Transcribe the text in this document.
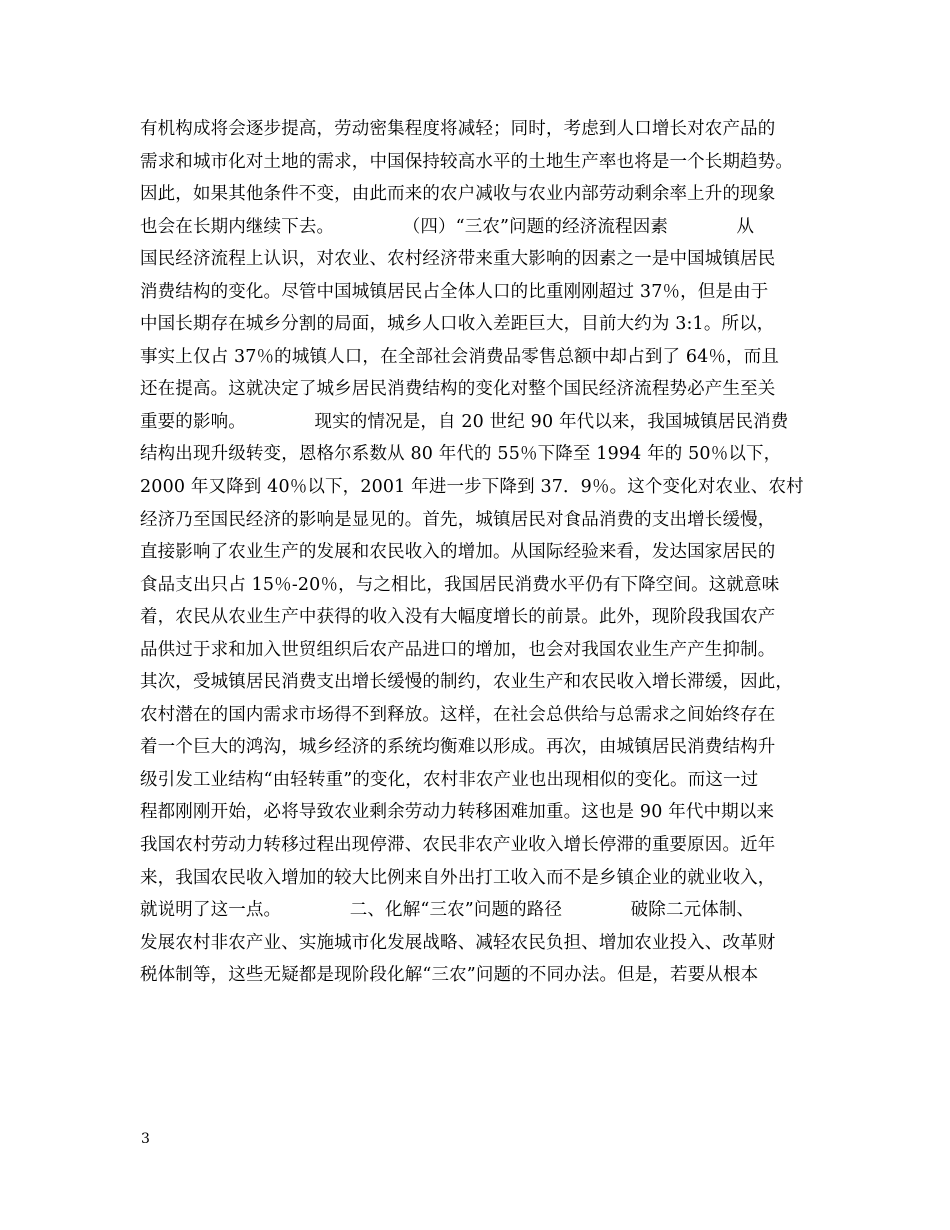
有机构成将会逐步提高，劳动密集程度将减轻；同时，考虑到人口增长对农产品的
需求和城市化对土地的需求，中国保持较高水平的土地生产率也将是一个长期趋势。
因此，如果其他条件不变，由此而来的农户减收与农业内部劳动剩余率上升的现象
也会在长期内继续下去。            （四）“三农”问题的经济流程因素            从
国民经济流程上认识，对农业、农村经济带来重大影响的因素之一是中国城镇居民
消费结构的变化。尽管中国城镇居民占全体人口的比重刚刚超过 37％，但是由于
中国长期存在城乡分割的局面，城乡人口收入差距巨大，目前大约为 3:1。所以，
事实上仅占 37％的城镇人口，在全部社会消费品零售总额中却占到了 64％，而且
还在提高。这就决定了城乡居民消费结构的变化对整个国民经济流程势必产生至关
重要的影响。            现实的情况是，自 20 世纪 90 年代以来，我国城镇居民消费
结构出现升级转变，恩格尔系数从 80 年代的 55％下降至 1994 年的 50％以下，
2000 年又降到 40％以下，2001 年进一步下降到 37．9％。这个变化对农业、农村
经济乃至国民经济的影响是显见的。首先，城镇居民对食品消费的支出增长缓慢，
直接影响了农业生产的发展和农民收入的增加。从国际经验来看，发达国家居民的
食品支出只占 15％-20％，与之相比，我国居民消费水平仍有下降空间。这就意味
着，农民从农业生产中获得的收入没有大幅度增长的前景。此外，现阶段我国农产
品供过于求和加入世贸组织后农产品进口的增加，也会对我国农业生产产生抑制。
其次，受城镇居民消费支出增长缓慢的制约，农业生产和农民收入增长滞缓，因此，
农村潜在的国内需求市场得不到释放。这样，在社会总供给与总需求之间始终存在
着一个巨大的鸿沟，城乡经济的系统均衡难以形成。再次，由城镇居民消费结构升
级引发工业结构“由轻转重”的变化，农村非农产业也出现相似的变化。而这一过
程都刚刚开始，必将导致农业剩余劳动力转移困难加重。这也是 90 年代中期以来
我国农村劳动力转移过程出现停滞、农民非农产业收入增长停滞的重要原因。近年
来，我国农民收入增加的较大比例来自外出打工收入而不是乡镇企业的就业收入，
就说明了这一点。            二、化解“三农”问题的路径            破除二元体制、
发展农村非农产业、实施城市化发展战略、减轻农民负担、增加农业投入、改革财
税体制等，这些无疑都是现阶段化解“三农”问题的不同办法。但是，若要从根本
3
